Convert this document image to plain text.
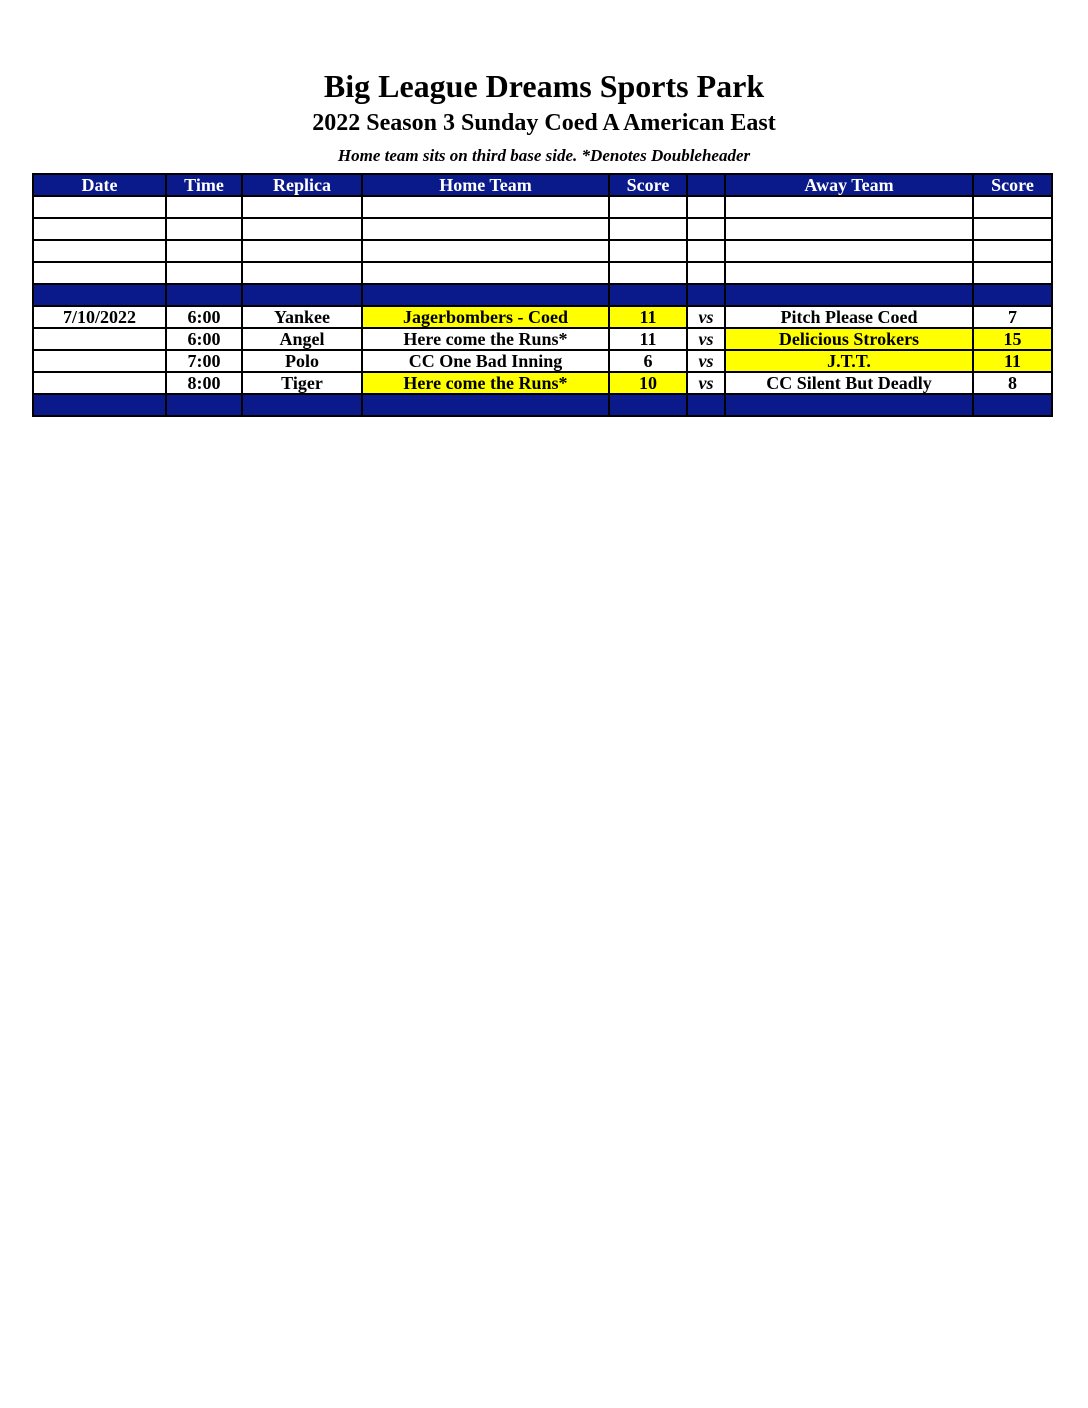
Big League Dreams Sports Park
2022 Season 3 Sunday Coed A American East
Home team sits on third base side. *Denotes Doubleheader
Date	Time	Replica	Home Team	Score		Away Team	Score

7/10/2022	6:00	Yankee	Jagerbombers - Coed	11	vs	Pitch Please Coed	7
	6:00	Angel	Here come the Runs*	11	vs	Delicious Strokers	15
	7:00	Polo	CC One Bad Inning	6	vs	J.T.T.	11
	8:00	Tiger	Here come the Runs*	10	vs	CC Silent But Deadly	8
